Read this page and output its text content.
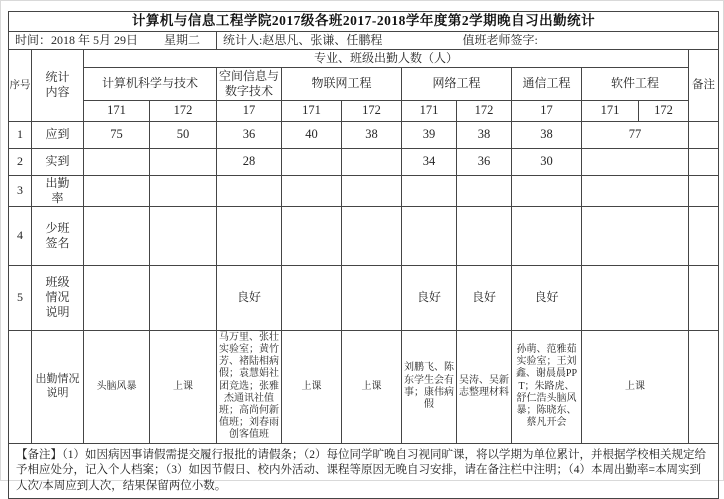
计算机与信息工程学院2017级各班2017-2018学年度第2学期晚自习出勤统计												
时间：2018 年 5月 29日 星期二				统计人:赵思凡、张谦、任鹏程				值班老师签字:				
序号	统计内容	专业、班级出勤人数（人）										备注
		计算机科学与技术		空间信息与数字技术	物联网工程		网络工程		通信工程	软件工程		
		171	172	17	171	172	171	172	17	171	172	
1	应到	75	50	36	40	38	39	38	38	77		
2	实到			28			34	36	30			
3	出勤率											
4	少班签名											
5	班级情况说明			良好			良好	良好	良好			
	出勤情况说明	头脑风暴	上课	马万里、张壮实验室；黄竹芳、褚陆相病假；袁慧娟社团竞选；张雅杰通讯社值班；高尚何新值班；刘春雨创客值班	上课	上课	刘鹏飞、陈东学生会有事；康伟病假	吴涛、吴新志整理材料	孙萌、范雅茹实验室；王刘鑫、谢晨晨PPT；朱路虎、舒仁浩头脑风暴；陈晓东、蔡凡开会	上课		
【备注】（1）如因病因事请假需提交履行报批的请假条；（2）每位同学旷晚自习视同旷课，将以学期为单位累计，并根据学校相关规定给予相应处分，记入个人档案；（3）如因节假日、校内外活动、课程等原因无晚自习安排，请在备注栏中注明；（4）本周出勤率=本周实到人次/本周应到人次，结果保留两位小数。												
